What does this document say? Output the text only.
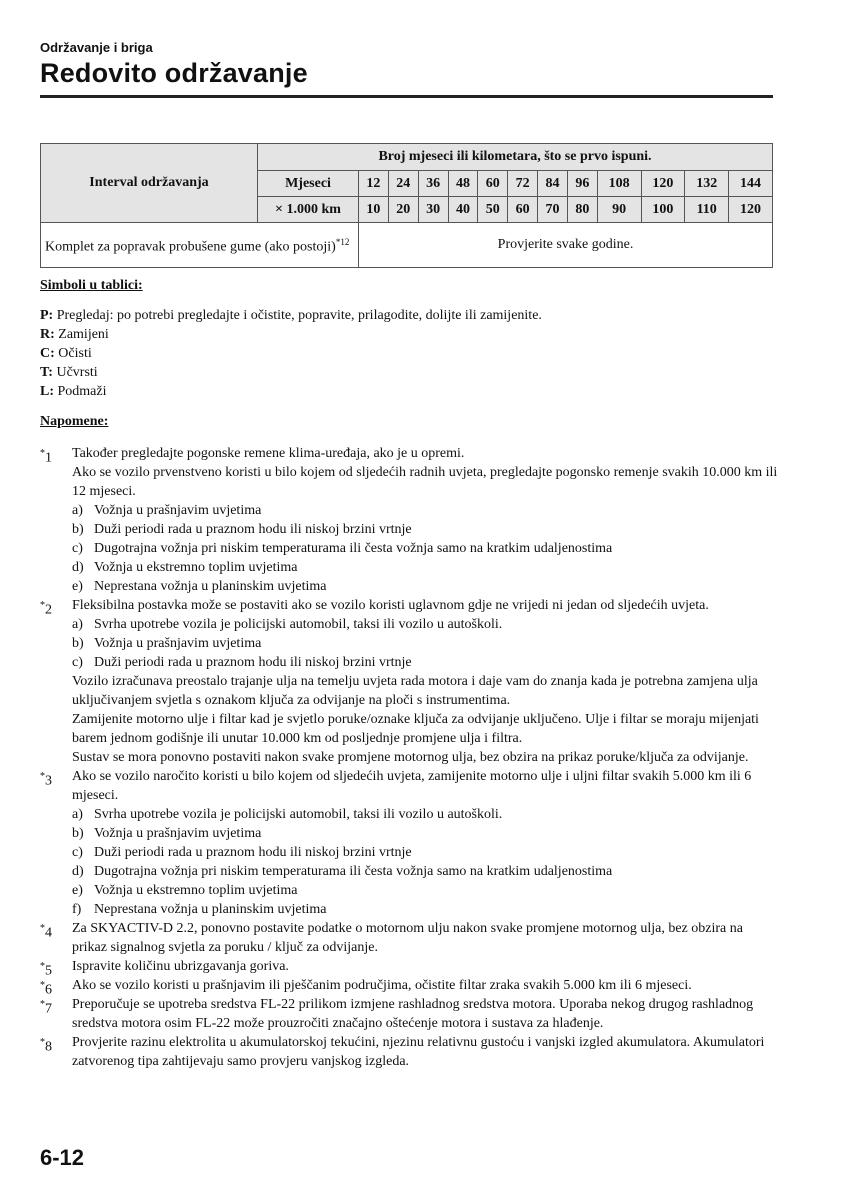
Održavanje i briga
Redovito održavanje
Interval održavanja	Broj mjeseci ili kilometara, što se prvo ispuni.												
	Mjeseci	12	24	36	48	60	72	84	96	108	120	132	144
	× 1.000 km	10	20	30	40	50	60	70	80	90	100	110	120
Komplet za popravak probušene gume (ako postoji)$^{*12}$		Provjerite svake godine.											
Simboli u tablici:
P: Pregledaj: po potrebi pregledajte i očistite, popravite, prilagodite, dolijte ili zamijenite.
R: Zamijeni
C: Očisti
T: Učvrsti
L: Podmaži
Napomene:
*1 Također pregledajte pogonske remene klima-uređaja, ako je u opremi.
Ako se vozilo prvenstveno koristi u bilo kojem od sljedećih radnih uvjeta, pregledajte pogonsko remenje svakih 10.000 km ili 12 mjeseci.
a) Vožnja u prašnjavim uvjetima
b) Duži periodi rada u praznom hodu ili niskoj brzini vrtnje
c) Dugotrajna vožnja pri niskim temperaturama ili česta vožnja samo na kratkim udaljenostima
d) Vožnja u ekstremno toplim uvjetima
e) Neprestana vožnja u planinskim uvjetima
*2 Fleksibilna postavka može se postaviti ako se vozilo koristi uglavnom gdje ne vrijedi ni jedan od sljedećih uvjeta.
a) Svrha upotrebe vozila je policijski automobil, taksi ili vozilo u autoškoli.
b) Vožnja u prašnjavim uvjetima
c) Duži periodi rada u praznom hodu ili niskoj brzini vrtnje
Vozilo izračunava preostalo trajanje ulja na temelju uvjeta rada motora i daje vam do znanja kada je potrebna zamjena ulja uključivanjem svjetla s oznakom ključa za odvijanje na ploči s instrumentima.
Zamijenite motorno ulje i filtar kad je svjetlo poruke/oznake ključa za odvijanje uključeno. Ulje i filtar se moraju mijenjati barem jednom godišnje ili unutar 10.000 km od posljednje promjene ulja i filtra.
Sustav se mora ponovno postaviti nakon svake promjene motornog ulja, bez obzira na prikaz poruke/ključa za odvijanje.
*3 Ako se vozilo naročito koristi u bilo kojem od sljedećih uvjeta, zamijenite motorno ulje i uljni filtar svakih 5.000 km ili 6 mjeseci.
a) Svrha upotrebe vozila je policijski automobil, taksi ili vozilo u autoškoli.
b) Vožnja u prašnjavim uvjetima
c) Duži periodi rada u praznom hodu ili niskoj brzini vrtnje
d) Dugotrajna vožnja pri niskim temperaturama ili česta vožnja samo na kratkim udaljenostima
e) Vožnja u ekstremno toplim uvjetima
f) Neprestana vožnja u planinskim uvjetima
*4 Za SKYACTIV-D 2.2, ponovno postavite podatke o motornom ulju nakon svake promjene motornog ulja, bez obzira na prikaz signalnog svjetla za poruku / ključ za odvijanje.
*5 Ispravite količinu ubrizgavanja goriva.
*6 Ako se vozilo koristi u prašnjavim ili pješčanim područjima, očistite filtar zraka svakih 5.000 km ili 6 mjeseci.
*7 Preporučuje se upotreba sredstva FL-22 prilikom izmjene rashladnog sredstva motora. Uporaba nekog drugog rashladnog sredstva motora osim FL-22 može prouzročiti značajno oštećenje motora i sustava za hlađenje.
*8 Provjerite razinu elektrolita u akumulatorskoj tekućini, njezinu relativnu gustoću i vanjski izgled akumulatora. Akumulatori zatvorenog tipa zahtijevaju samo provjeru vanjskog izgleda.
6-12
